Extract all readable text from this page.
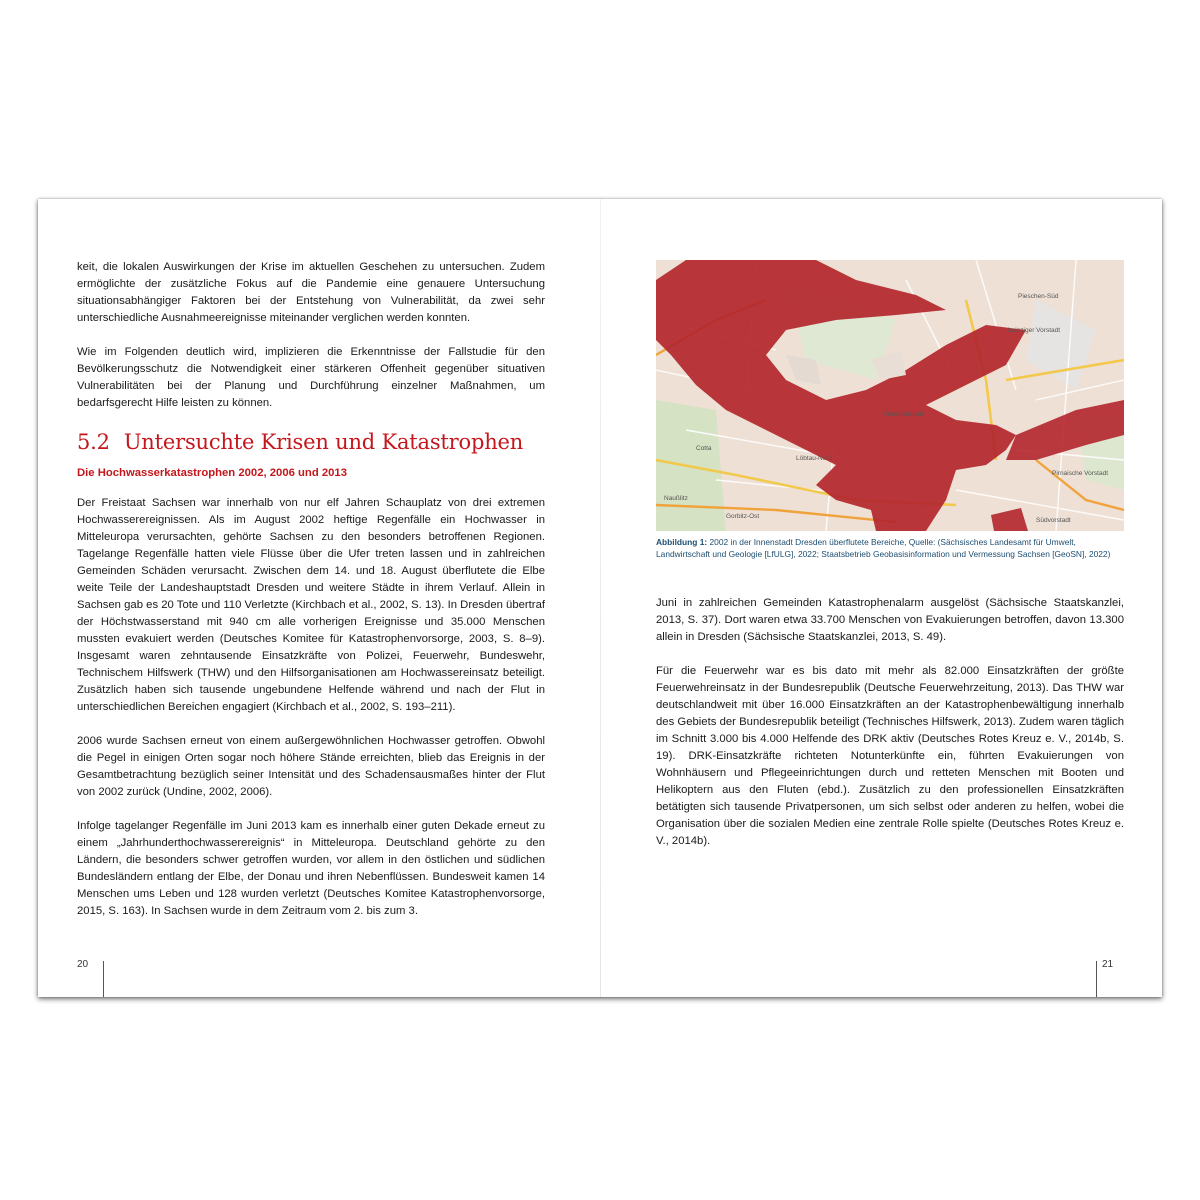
keit, die lokalen Auswirkungen der Krise im aktuellen Geschehen zu untersuchen. Zudem ermöglichte der zusätzliche Fokus auf die Pandemie eine genauere Untersuchung situationsabhängiger Faktoren bei der Entstehung von Vulnerabilität, da zwei sehr unterschiedliche Ausnahmeereignisse miteinander verglichen werden konnten.

Wie im Folgenden deutlich wird, implizieren die Erkenntnisse der Fallstudie für den Bevölkerungsschutz die Notwendigkeit einer stärkeren Offenheit gegenüber situativen Vulnerabilitäten bei der Planung und Durchführung einzelner Maßnahmen, um bedarfsgerecht Hilfe leisten zu können.

5.2 Untersuchte Krisen und Katastrophen
Die Hochwasserkatastrophen 2002, 2006 und 2013

Der Freistaat Sachsen war innerhalb von nur elf Jahren Schauplatz von drei extremen Hochwasserereignissen. Als im August 2002 heftige Regenfälle ein Hochwasser in Mitteleuropa verursachten, gehörte Sachsen zu den besonders betroffenen Regionen. Tagelange Regenfälle hatten viele Flüsse über die Ufer treten lassen und in zahlreichen Gemeinden Schäden verursacht. Zwischen dem 14. und 18. August überflutete die Elbe weite Teile der Landeshauptstadt Dresden und weitere Städte in ihrem Verlauf. Allein in Sachsen gab es 20 Tote und 110 Verletzte (Kirchbach et al., 2002, S. 13). In Dresden übertraf der Höchstwasserstand mit 940 cm alle vorherigen Ereignisse und 35.000 Menschen mussten evakuiert werden (Deutsches Komitee für Katastrophenvorsorge, 2003, S. 8–9). Insgesamt waren zehntausende Einsatzkräfte von Polizei, Feuerwehr, Bundeswehr, Technischem Hilfswerk (THW) und den Hilfsorganisationen am Hochwassereinsatz beteiligt. Zusätzlich haben sich tausende ungebundene Helfende während und nach der Flut in unterschiedlichen Bereichen engagiert (Kirchbach et al., 2002, S. 193–211).

2006 wurde Sachsen erneut von einem außergewöhnlichen Hochwasser getroffen. Obwohl die Pegel in einigen Orten sogar noch höhere Stände erreichten, blieb das Ereignis in der Gesamtbetrachtung bezüglich seiner Intensität und des Schadensausmaßes hinter der Flut von 2002 zurück (Undine, 2002, 2006).

Infolge tagelanger Regenfälle im Juni 2013 kam es innerhalb einer guten Dekade erneut zu einem „Jahrhunderthochwasserereignis“ in Mitteleuropa. Deutschland gehörte zu den Ländern, die besonders schwer getroffen wurden, vor allem in den östlichen und südlichen Bundesländern entlang der Elbe, der Donau und ihren Nebenflüssen. Bundesweit kamen 14 Menschen ums Leben und 128 wurden verletzt (Deutsches Komitee Katastrophenvorsorge, 2015, S. 163). In Sachsen wurde in dem Zeitraum vom 2. bis zum 3.

20
Pieschen-Süd
Leipziger Vorstadt
Friedrichstadt
Pirnaische Vorstadt
Gorbitz-Ost
Cotta
Löbtau-Nord
Naußlitz
Südvorstadt
Abbildung 1: 2002 in der Innenstadt Dresden überflutete Bereiche, Quelle: (Sächsisches Landesamt für Umwelt, Landwirtschaft und Geologie [LfULG], 2022; Staatsbetrieb Geobasisinformation und Vermessung Sachsen [GeoSN], 2022)

Juni in zahlreichen Gemeinden Katastrophenalarm ausgelöst (Sächsische Staatskanzlei, 2013, S. 37). Dort waren etwa 33.700 Menschen von Evakuierungen betroffen, davon 13.300 allein in Dresden (Sächsische Staatskanzlei, 2013, S. 49).

Für die Feuerwehr war es bis dato mit mehr als 82.000 Einsatzkräften der größte Feuerwehreinsatz in der Bundesrepublik (Deutsche Feuerwehrzeitung, 2013). Das THW war deutschlandweit mit über 16.000 Einsatzkräften an der Katastrophenbewältigung innerhalb des Gebiets der Bundesrepublik beteiligt (Technisches Hilfswerk, 2013). Zudem waren täglich im Schnitt 3.000 bis 4.000 Helfende des DRK aktiv (Deutsches Rotes Kreuz e. V., 2014b, S. 19). DRK-Einsatzkräfte richteten Notunterkünfte ein, führten Evakuierungen von Wohnhäusern und Pflegeeinrichtungen durch und retteten Menschen mit Booten und Helikoptern aus den Fluten (ebd.). Zusätzlich zu den professionellen Einsatzkräften betätigten sich tausende Privatpersonen, um sich selbst oder anderen zu helfen, wobei die Organisation über die sozialen Medien eine zentrale Rolle spielte (Deutsches Rotes Kreuz e. V., 2014b).

21
